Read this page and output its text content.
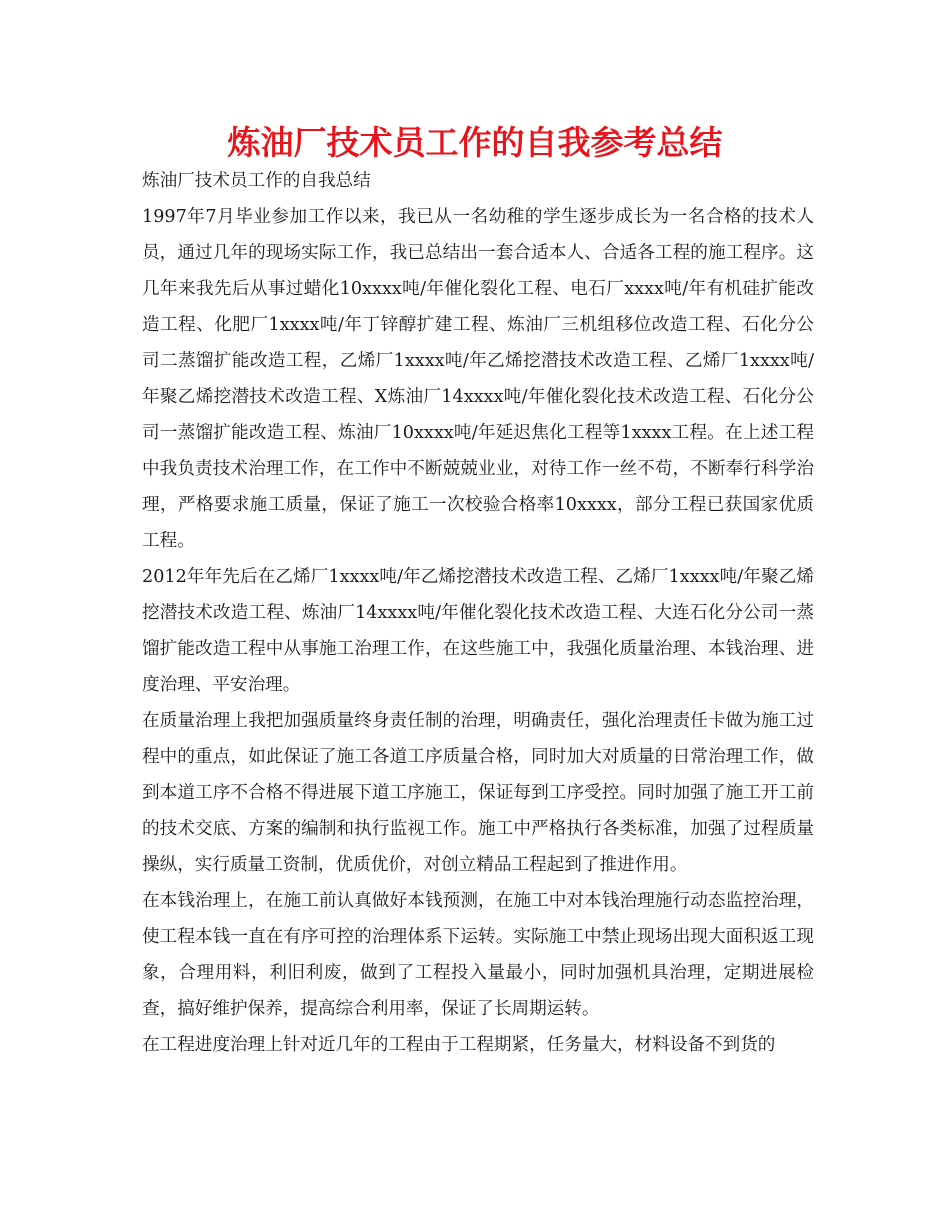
炼油厂技术员工作的自我参考总结

炼油厂技术员工作的自我总结

1997年7月毕业参加工作以来，我已从一名幼稚的学生逐步成长为一名合格的技术人员，通过几年的现场实际工作，我已总结出一套合适本人、合适各工程的施工程序。这几年来我先后从事过蜡化10xxxx吨/年催化裂化工程、电石厂xxxx吨/年有机硅扩能改造工程、化肥厂1xxxx吨/年丁锌醇扩建工程、炼油厂三机组移位改造工程、石化分公司二蒸馏扩能改造工程，乙烯厂1xxxx吨/年乙烯挖潜技术改造工程、乙烯厂1xxxx吨/年聚乙烯挖潜技术改造工程、X炼油厂14xxxx吨/年催化裂化技术改造工程、石化分公司一蒸馏扩能改造工程、炼油厂10xxxx吨/年延迟焦化工程等1xxxx工程。在上述工程中我负责技术治理工作，在工作中不断兢兢业业，对待工作一丝不苟，不断奉行科学治理，严格要求施工质量，保证了施工一次校验合格率10xxxx，部分工程已获国家优质工程。

2012年年先后在乙烯厂1xxxx吨/年乙烯挖潜技术改造工程、乙烯厂1xxxx吨/年聚乙烯挖潜技术改造工程、炼油厂14xxxx吨/年催化裂化技术改造工程、大连石化分公司一蒸馏扩能改造工程中从事施工治理工作，在这些施工中，我强化质量治理、本钱治理、进度治理、平安治理。

在质量治理上我把加强质量终身责任制的治理，明确责任，强化治理责任卡做为施工过程中的重点，如此保证了施工各道工序质量合格，同时加大对质量的日常治理工作，做到本道工序不合格不得进展下道工序施工，保证每到工序受控。同时加强了施工开工前的技术交底、方案的编制和执行监视工作。施工中严格执行各类标准，加强了过程质量操纵，实行质量工资制，优质优价，对创立精品工程起到了推进作用。

在本钱治理上，在施工前认真做好本钱预测，在施工中对本钱治理施行动态监控治理，使工程本钱一直在有序可控的治理体系下运转。实际施工中禁止现场出现大面积返工现象，合理用料，利旧利废，做到了工程投入量最小，同时加强机具治理，定期进展检查，搞好维护保养，提高综合利用率，保证了长周期运转。

在工程进度治理上针对近几年的工程由于工程期紧，任务量大，材料设备不到货的
